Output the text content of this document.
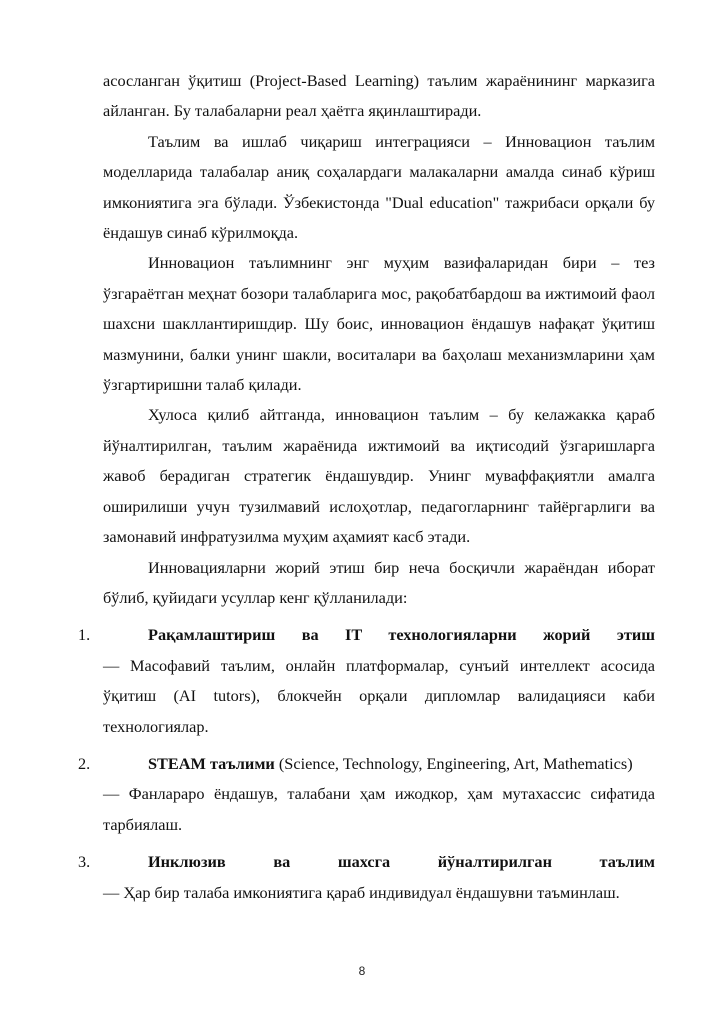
асосланган ўқитиш (Project-Based Learning) таълим жараёнининг марказига айланган. Бу талабаларни реал ҳаётга яқинлаштиради.

Таълим ва ишлаб чиқариш интеграцияси – Инновацион таълим моделларида талабалар аниқ соҳалардаги малакаларни амалда синаб кўриш имкониятига эга бўлади. Ўзбекистонда "Dual education" тажрибаси орқали бу ёндашув синаб кўрилмоқда.

Инновацион таълимнинг энг муҳим вазифаларидан бири – тез ўзгараётган меҳнат бозори талабларига мос, рақобатбардош ва ижтимоий фаол шахсни шакллантиришдир. Шу боис, инновацион ёндашув нафақат ўқитиш мазмунини, балки унинг шакли, воситалари ва баҳолаш механизмларини ҳам ўзгартиришни талаб қилади.

Хулоса қилиб айтганда, инновацион таълим – бу келажакка қараб йўналтирилган, таълим жараёнида ижтимоий ва иқтисодий ўзгаришларга жавоб берадиган стратегик ёндашувдир. Унинг муваффақиятли амалга оширилиши учун тузилмавий ислоҳотлар, педагогларнинг тайёргарлиги ва замонавий инфратузилма муҳим аҳамият касб этади.

Инновацияларни жорий этиш бир неча босқичли жараёндан иборат бўлиб, қуйидаги усуллар кенг қўлланилади:

1.	Рақамлаштириш ва IT технологияларни жорий этиш

— Масофавий таълим, онлайн платформалар, сунъий интеллект асосида ўқитиш (AI tutors), блокчейн орқали дипломлар валидацияси каби технологиялар.

2.	STEAM таълими (Science, Technology, Engineering, Art, Mathematics)

— Фанлараро ёндашув, талабани ҳам ижодкор, ҳам мутахассис сифатида тарбиялаш.

3.	Инклюзив ва шахсга йўналтирилган таълим

— Ҳар бир талаба имкониятига қараб индивидуал ёндашувни таъминлаш.

8
